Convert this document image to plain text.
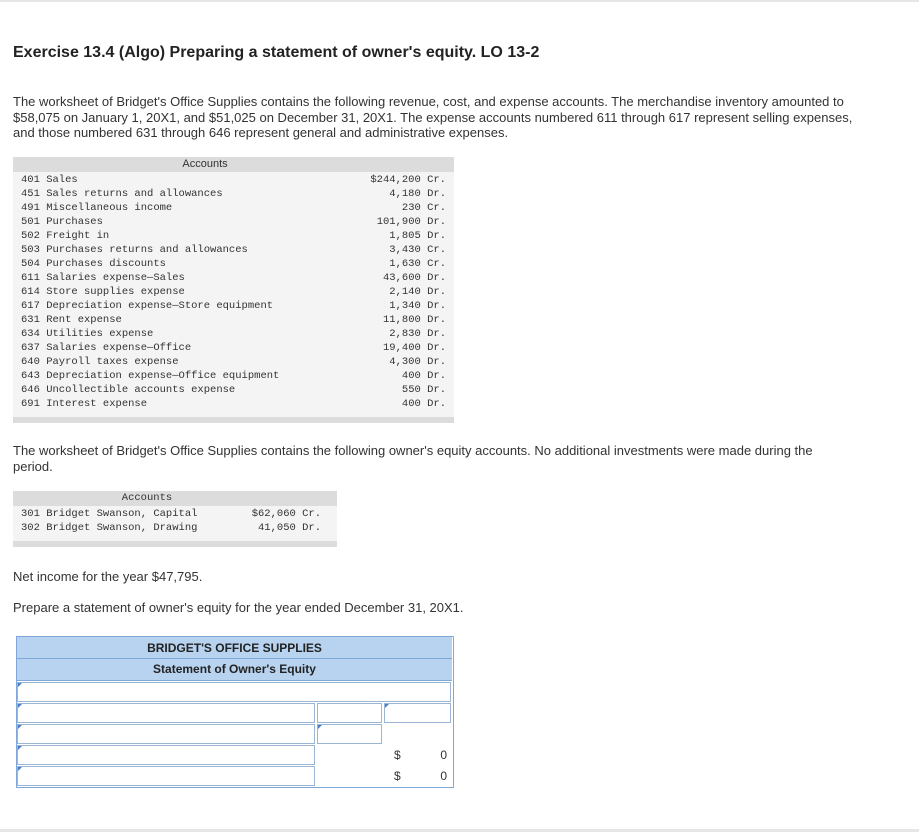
Exercise 13.4 (Algo) Preparing a statement of owner's equity. LO 13-2

The worksheet of Bridget's Office Supplies contains the following revenue, cost, and expense accounts. The merchandise inventory amounted to $58,075 on January 1, 20X1, and $51,025 on December 31, 20X1. The expense accounts numbered 611 through 617 represent selling expenses, and those numbered 631 through 646 represent general and administrative expenses.

Accounts
401 Sales	$244,200 Cr.
451 Sales returns and allowances	4,180 Dr.
491 Miscellaneous income	230 Cr.
501 Purchases	101,900 Dr.
502 Freight in	1,805 Dr.
503 Purchases returns and allowances	3,430 Cr.
504 Purchases discounts	1,630 Cr.
611 Salaries expense—Sales	43,600 Dr.
614 Store supplies expense	2,140 Dr.
617 Depreciation expense—Store equipment	1,340 Dr.
631 Rent expense	11,800 Dr.
634 Utilities expense	2,830 Dr.
637 Salaries expense—Office	19,400 Dr.
640 Payroll taxes expense	4,300 Dr.
643 Depreciation expense—Office equipment	400 Dr.
646 Uncollectible accounts expense	550 Dr.
691 Interest expense	400 Dr.

The worksheet of Bridget's Office Supplies contains the following owner's equity accounts. No additional investments were made during the period.

Accounts
301 Bridget Swanson, Capital	$62,060 Cr.
302 Bridget Swanson, Drawing	41,050 Dr.

Net income for the year $47,795.

Prepare a statement of owner's equity for the year ended December 31, 20X1.

BRIDGET'S OFFICE SUPPLIES
Statement of Owner's Equity
$	0
$	0
